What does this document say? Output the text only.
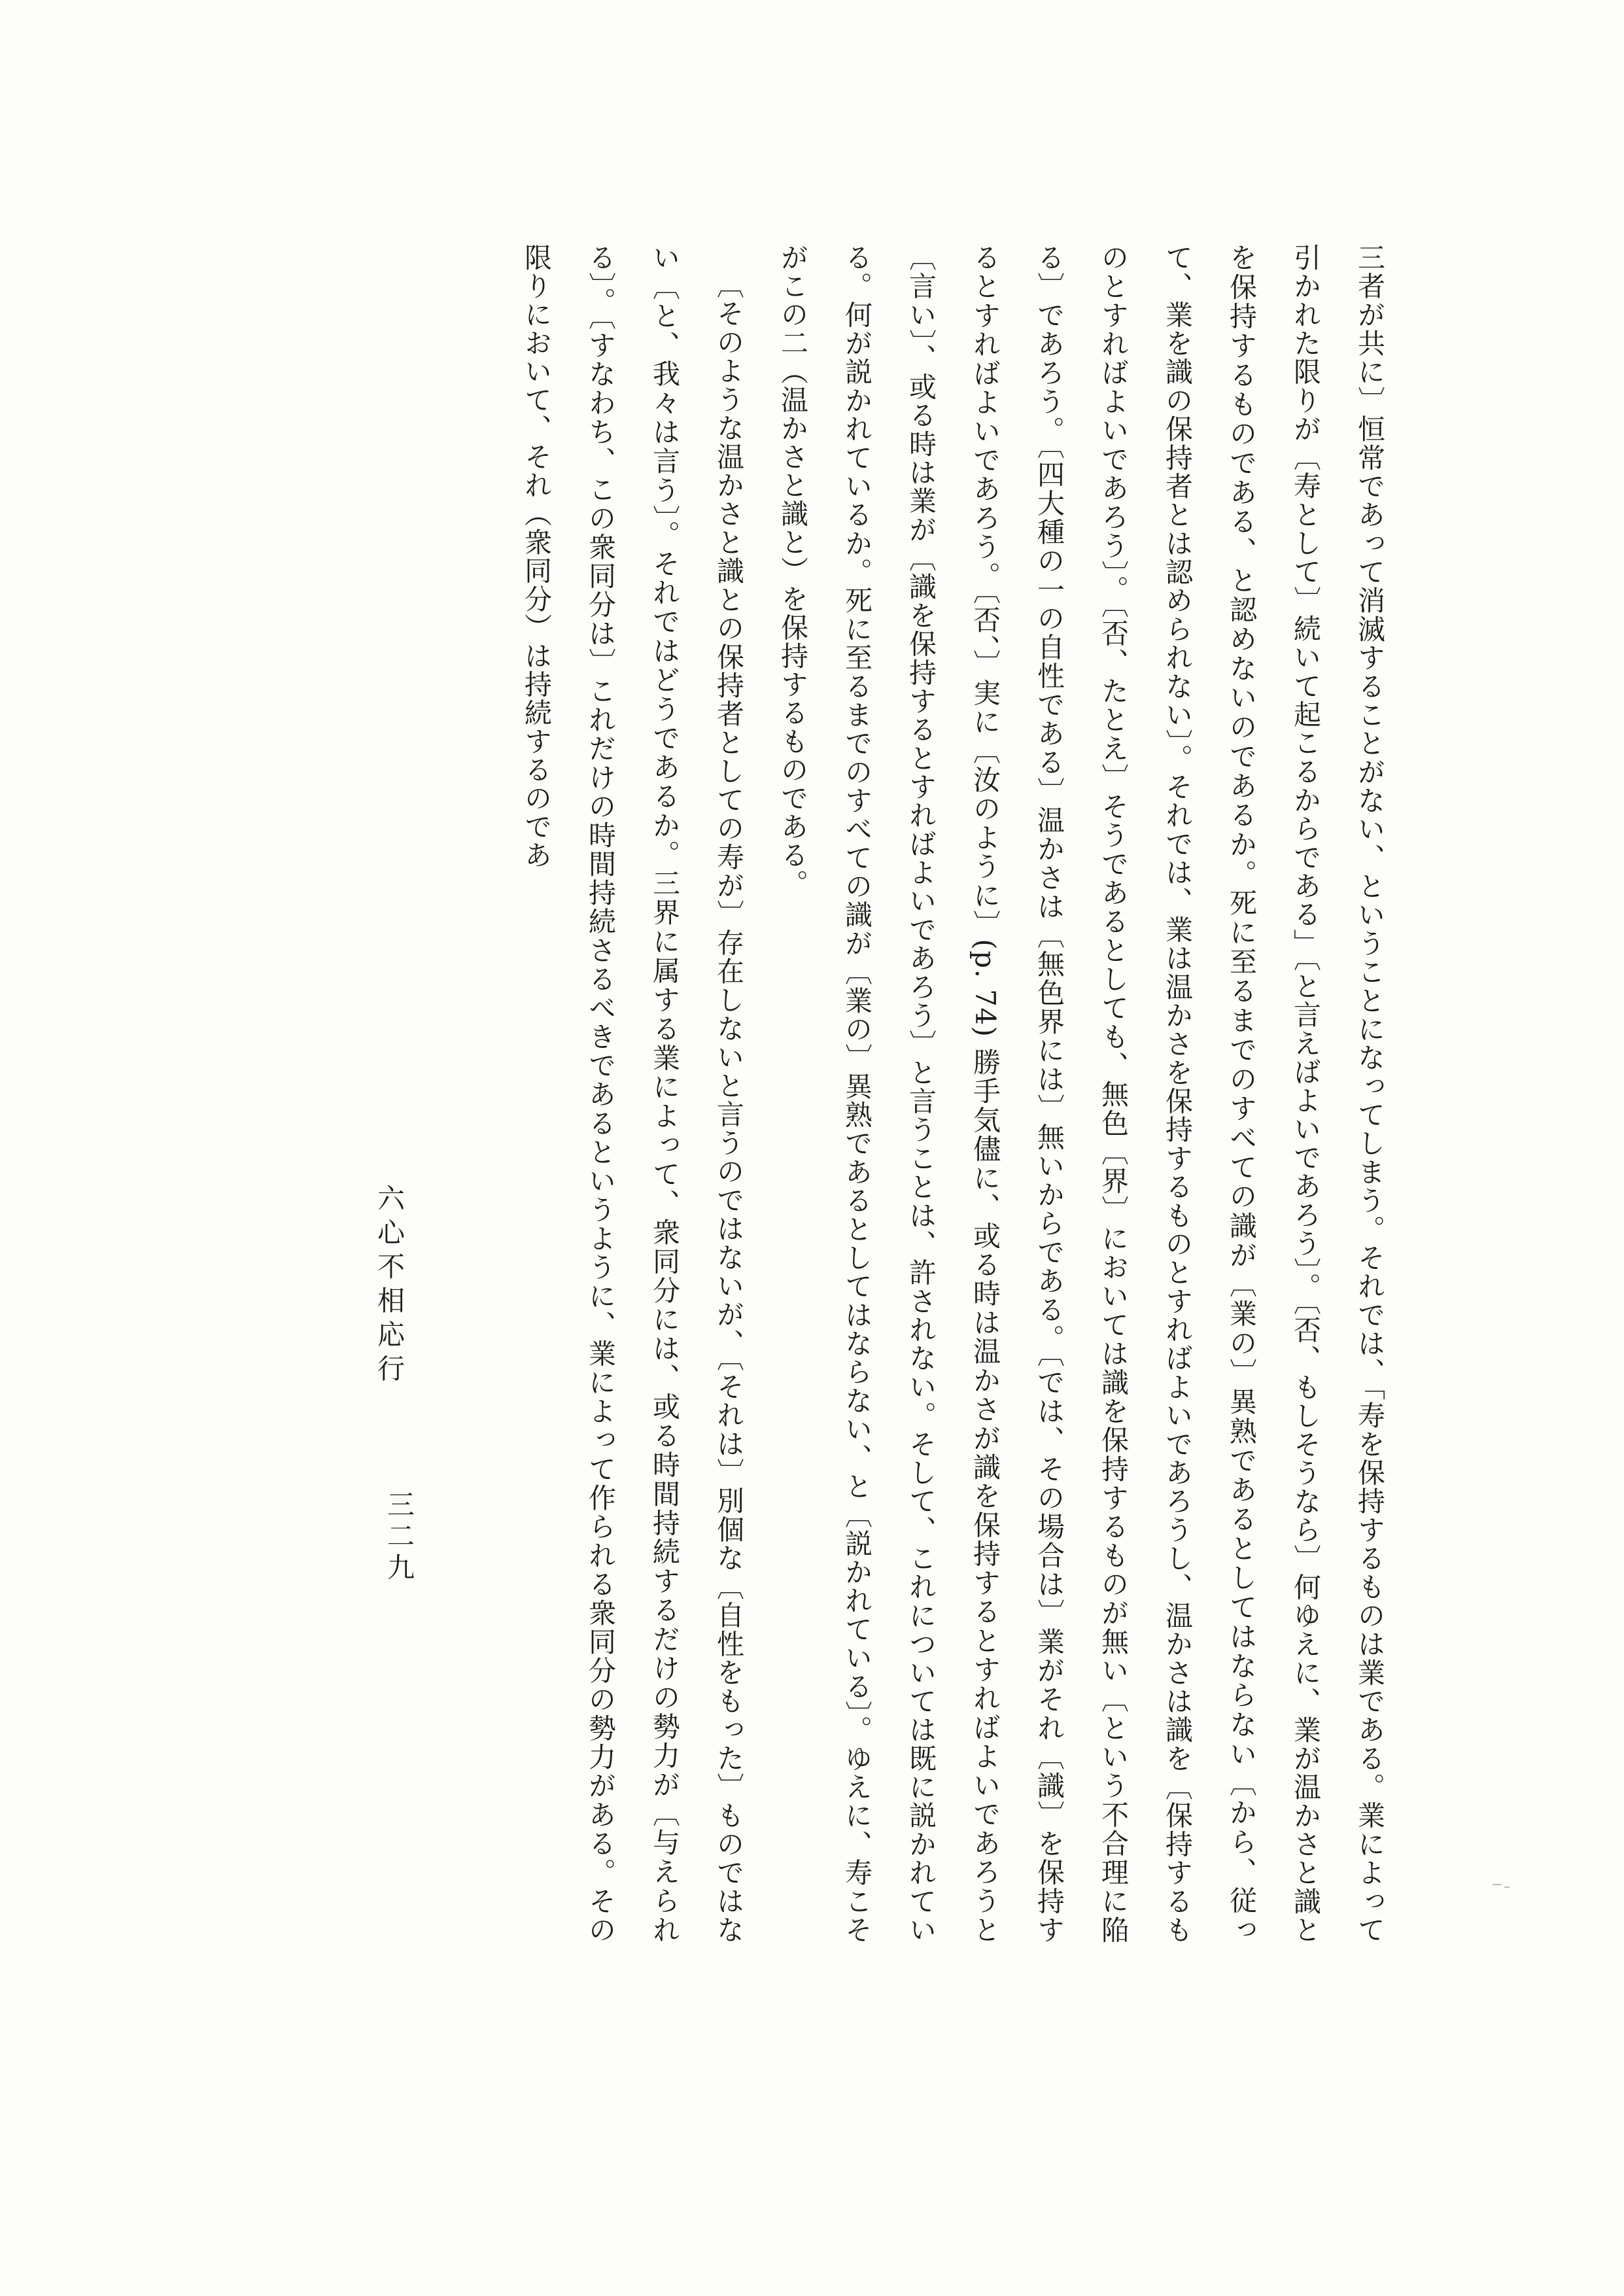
三者が共に〕恒常であって消滅することがない、ということになってしまう。それでは、「寿を保持するものは業である。業によって引かれた限りが〔寿として〕続いて起こるからである」〔と言えばよいであろう〕。〔否、もしそうなら〕何ゆえに、業が温かさと識とを保持するものである、と認めないのであるか。死に至るまでのすべての識が〔業の〕異熟であるとしてはならない〔から、従って、業を識の保持者とは認められない〕。それでは、業は温かさを保持するものとすればよいであろうし、温かさは識を〔保持するものとすればよいであろう〕。〔否、たとえ〕そうであるとしても、無色〔界〕においては識を保持するものが無い〔という不合理に陥る〕であろう。〔四大種の一の自性である〕温かさは〔無色界には〕無いからである。〔では、その場合は〕業がそれ〔識〕を保持するとすればよいであろう。〔否、〕実に〔汝のように〕(p. 74) 勝手気儘に、或る時は温かさが識を保持するとすればよいであろうと〔言い〕、或る時は業が〔識を保持するとすればよいであろう〕と言うことは、許されない。そして、これについては既に説かれている。何が説かれているか。死に至るまでのすべての識が〔業の〕異熟であるとしてはならない、と〔説かれている〕。ゆえに、寿こそがこの二（温かさと識と）を保持するものである。

〔そのような温かさと識との保持者としての寿が〕存在しないと言うのではないが、〔それは〕別個な〔自性をもった〕ものではない〔と、我々は言う〕。それではどうであるか。三界に属する業によって、衆同分には、或る時間持続するだけの勢力が〔与えられる〕。〔すなわち、この衆同分は〕これだけの時間持続さるべきであるというように、業によって作られる衆同分の勢力がある。その限りにおいて、それ（衆同分）は持続するのであ

六心不相応行
三二九
